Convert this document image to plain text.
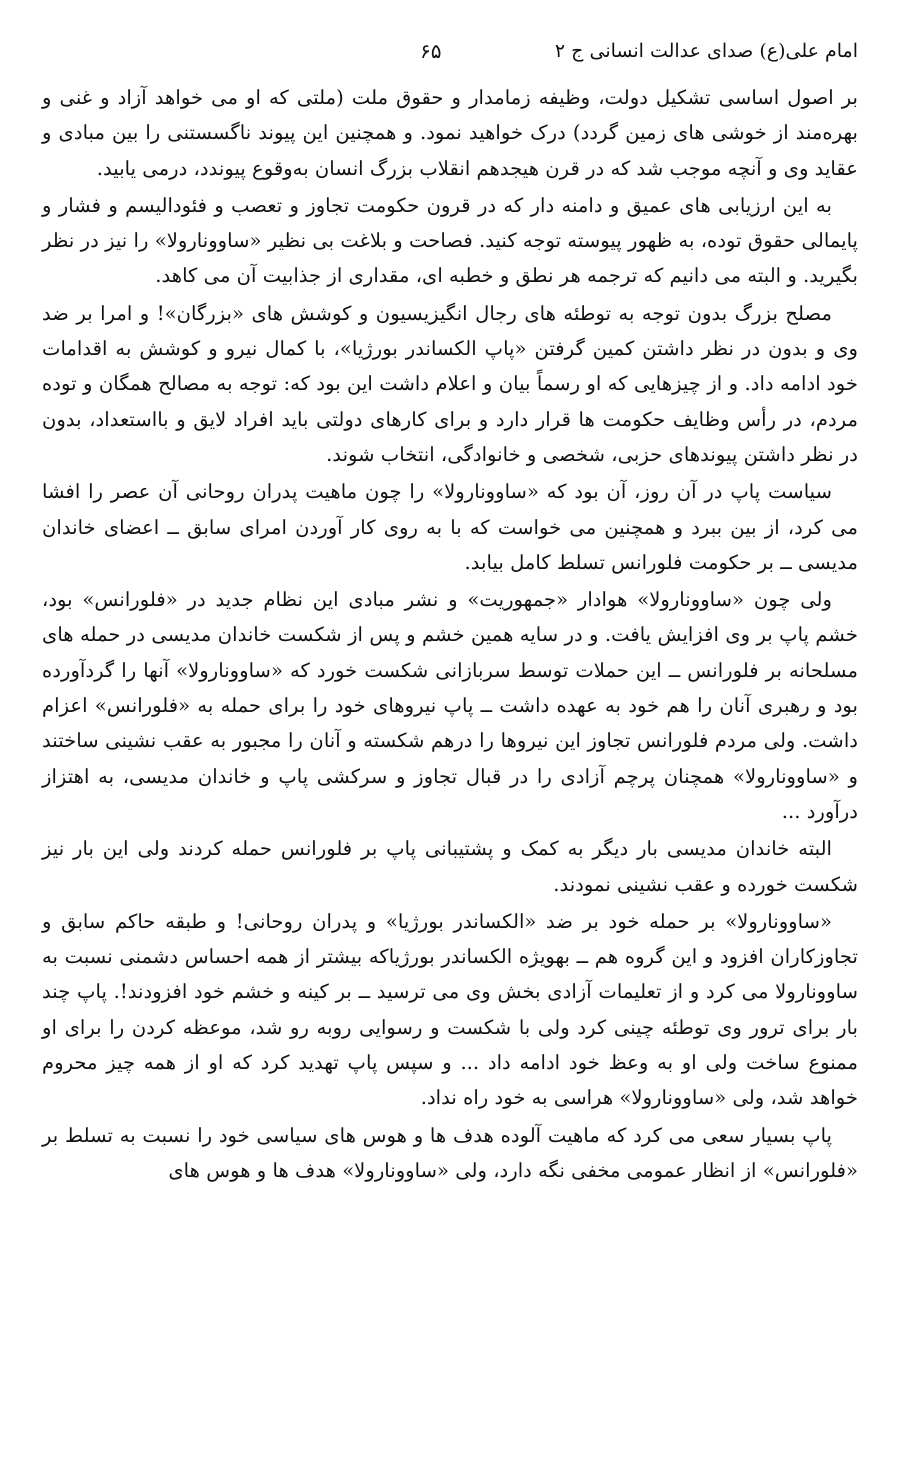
امام علی(ع) صدای عدالت انسانی ج ۲
۶۵

بر اصول اساسی تشکیل دولت، وظیفه زمامدار و حقوق ملت (ملتی که او می خواهد آزاد و غنی و بهره‌مند از خوشی های زمین گردد) درک خواهید نمود. و همچنین این پیوند ناگسستنی را بین مبادی و عقاید وی و آنچه موجب شد که در قرن هیجدهم انقلاب بزرگ انسان به‌وقوع پیوندد، درمی یابید.

به این ارزیابی های عمیق و دامنه دار که در قرون حکومت تجاوز و تعصب و فئودالیسم و فشار و پایمالی حقوق توده، به ظهور پیوسته توجه کنید. فصاحت و بلاغت بی نظیر «ساوونارولا» را نیز در نظر بگیرید. و البته می دانیم که ترجمه هر نطق و خطبه ای، مقداری از جذابیت آن می کاهد.

مصلح بزرگ بدون توجه به توطئه های رجال انگیزیسیون و کوشش های «بزرگان»! و امرا بر ضد وی و بدون در نظر داشتن کمین گرفتن «پاپ الکساندر بورژیا»، با کمال نیرو و کوشش به اقدامات خود ادامه داد. و از چیزهایی که او رسماً بیان و اعلام داشت این بود که: توجه به مصالح همگان و توده مردم، در رأس وظایف حکومت ها قرار دارد و برای کارهای دولتی باید افراد لایق و بااستعداد، بدون در نظر داشتن پیوندهای حزبی، شخصی و خانوادگی، انتخاب شوند.

سیاست پاپ در آن روز، آن بود که «ساوونارولا» را چون ماهیت پدران روحانی آن عصر را افشا می کرد، از بین ببرد و همچنین می خواست که با به روی کار آوردن امرای سابق ــ اعضای خاندان مدیسی ــ بر حکومت فلورانس تسلط کامل بیابد.

ولی چون «ساوونارولا» هوادار «جمهوریت» و نشر مبادی این نظام جدید در «فلورانس» بود، خشم پاپ بر وی افزایش یافت. و در سایه همین خشم و پس از شکست خاندان مدیسی در حمله های مسلحانه بر فلورانس ــ این حملات توسط سربازانی شکست خورد که «ساوونارولا» آنها را گردآورده بود و رهبری آنان را هم خود به عهده داشت ــ پاپ نیروهای خود را برای حمله به «فلورانس» اعزام داشت. ولی مردم فلورانس تجاوز این نیروها را درهم شکسته و آنان را مجبور به عقب نشینی ساختند و «ساوونارولا» همچنان پرچم آزادی را در قبال تجاوز و سرکشی پاپ و خاندان مدیسی، به اهتزاز درآورد ...

البته خاندان مدیسی بار دیگر به کمک و پشتیبانی پاپ بر فلورانس حمله کردند ولی این بار نیز شکست خورده و عقب نشینی نمودند.

«ساوونارولا» بر حمله خود بر ضد «الکساندر بورژیا» و پدران روحانی! و طبقه حاکم سابق و تجاوزکاران افزود و این گروه هم ــ بهویژه الکساندر بورژیاکه بیشتر از همه احساس دشمنی نسبت به ساوونارولا می کرد و از تعلیمات آزادی بخش وی می ترسید ــ بر کینه و خشم خود افزودند!. پاپ چند بار برای ترور وی توطئه چینی کرد ولی با شکست و رسوایی روبه رو شد، موعظه کردن را برای او ممنوع ساخت ولی او به وعظ خود ادامه داد ... و سپس پاپ تهدید کرد که او از همه چیز محروم خواهد شد، ولی «ساوونارولا» هراسی به خود راه نداد.

پاپ بسیار سعی می کرد که ماهیت آلوده هدف ها و هوس های سیاسی خود را نسبت به تسلط بر «فلورانس» از انظار عمومی مخفی نگه دارد، ولی «ساوونارولا» هدف ها و هوس های
